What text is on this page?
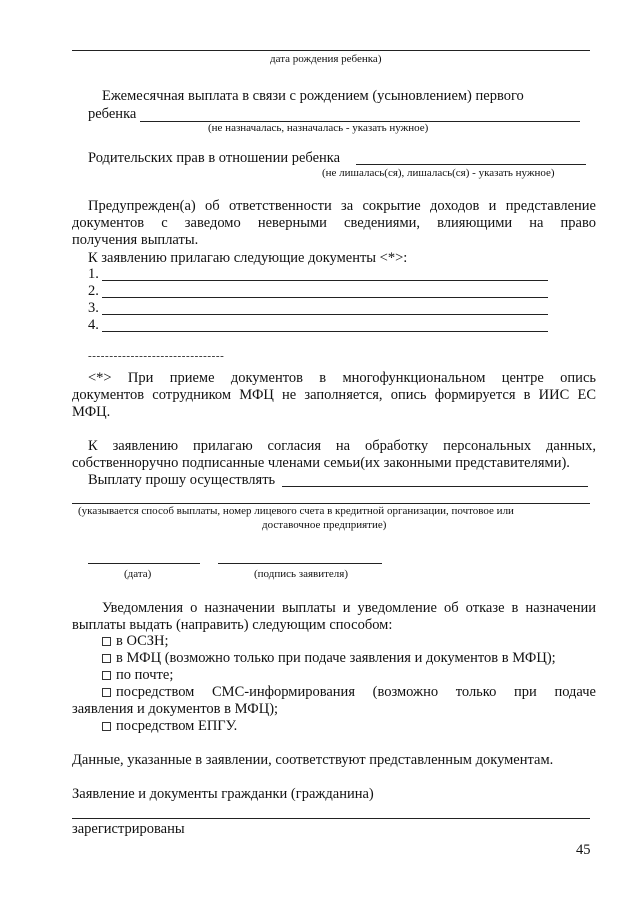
дата рождения ребенка)
Ежемесячная выплата в связи с рождением (усыновлением) первого
ребенка
(не назначалась, назначалась - указать нужное)
Родительских прав в отношении ребенка
(не лишалась(ся), лишалась(ся) - указать нужное)
Предупрежден(а) об ответственности за сокрытие доходов и представление
документов с заведомо неверными сведениями, влияющими на право
получения выплаты.
К заявлению прилагаю следующие документы <*>:
1.
2.
3.
4.
--------------------------------
<*> При приеме документов в многофункциональном центре опись
документов сотрудником МФЦ не заполняется, опись формируется в ИИС ЕС
МФЦ.
К заявлению прилагаю согласия на обработку персональных данных,
собственноручно подписанные членами семьи(их законными представителями).
Выплату прошу осуществлять
(указывается способ выплаты, номер лицевого счета в кредитной организации, почтовое или
доставочное предприятие)
(дата)	(подпись заявителя)
Уведомления о назначении выплаты и уведомление об отказе в назначении
выплаты выдать (направить) следующим способом:
в ОСЗН;
в МФЦ (возможно только при подаче заявления и документов в МФЦ);
по почте;
посредством СМС-информирования (возможно только при подаче
заявления и документов в МФЦ);
посредством ЕПГУ.
Данные, указанные в заявлении, соответствуют представленным документам.
Заявление и документы гражданки (гражданина)
зарегистрированы
45
